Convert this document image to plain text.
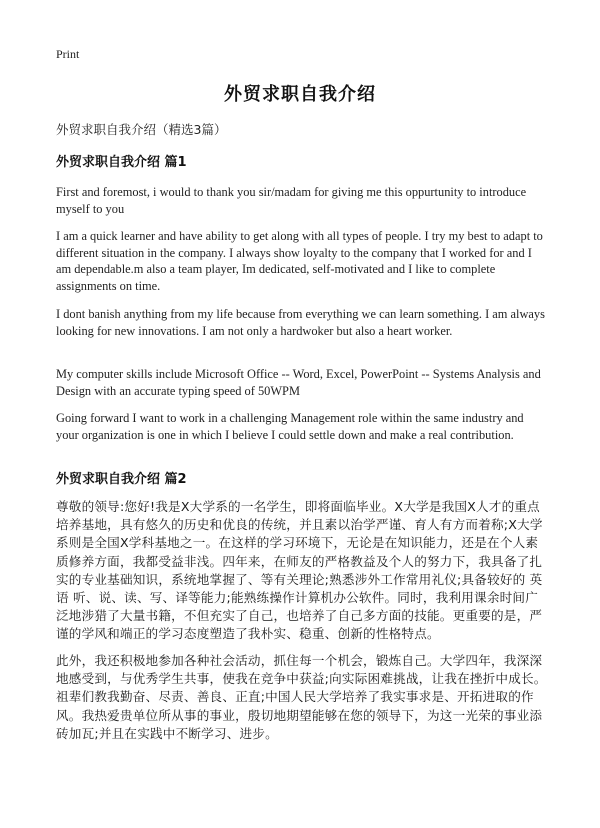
Print
外贸求职自我介绍
外贸求职自我介绍（精选3篇）
外贸求职自我介绍 篇1
First and foremost, i would to thank you sir/madam for giving me this oppurtunity to introduce myself to you
I am a quick learner and have ability to get along with all types of people. I try my best to adapt to different situation in the company. I always show loyalty to the company that I worked for and I am dependable.m also a team player, Im dedicated, self-motivated and I like to complete assignments on time.
I dont banish anything from my life because from everything we can learn something. I am always looking for new innovations. I am not only a hardwoker but also a heart worker.
My computer skills include Microsoft Office -- Word, Excel, PowerPoint -- Systems Analysis and Design with an accurate typing speed of 50WPM
Going forward I want to work in a challenging Management role within the same industry and your organization is one in which I believe I could settle down and make a real contribution.
外贸求职自我介绍 篇2
尊敬的领导:您好!我是X大学系的一名学生，即将面临毕业。X大学是我国X人才的重点培养基地，具有悠久的历史和优良的传统，并且素以治学严谨、育人有方而着称;X大学系则是全国X学科基地之一。在这样的学习环境下，无论是在知识能力，还是在个人素质修养方面，我都受益非浅。四年来，在师友的严格教益及个人的努力下，我具备了扎实的专业基础知识，系统地掌握了、等有关理论;熟悉涉外工作常用礼仪;具备较好的 英语 听、说、读、写、译等能力;能熟练操作计算机办公软件。同时，我利用课余时间广泛地涉猎了大量书籍，不但充实了自己，也培养了自己多方面的技能。更重要的是，严谨的学风和端正的学习态度塑造了我朴实、稳重、创新的性格特点。
此外，我还积极地参加各种社会活动，抓住每一个机会，锻炼自己。大学四年，我深深地感受到，与优秀学生共事，使我在竞争中获益;向实际困难挑战，让我在挫折中成长。祖辈们教我勤奋、尽责、善良、正直;中国人民大学培养了我实事求是、开拓进取的作风。我热爱贵单位所从事的事业，殷切地期望能够在您的领导下，为这一光荣的事业添砖加瓦;并且在实践中不断学习、进步。
